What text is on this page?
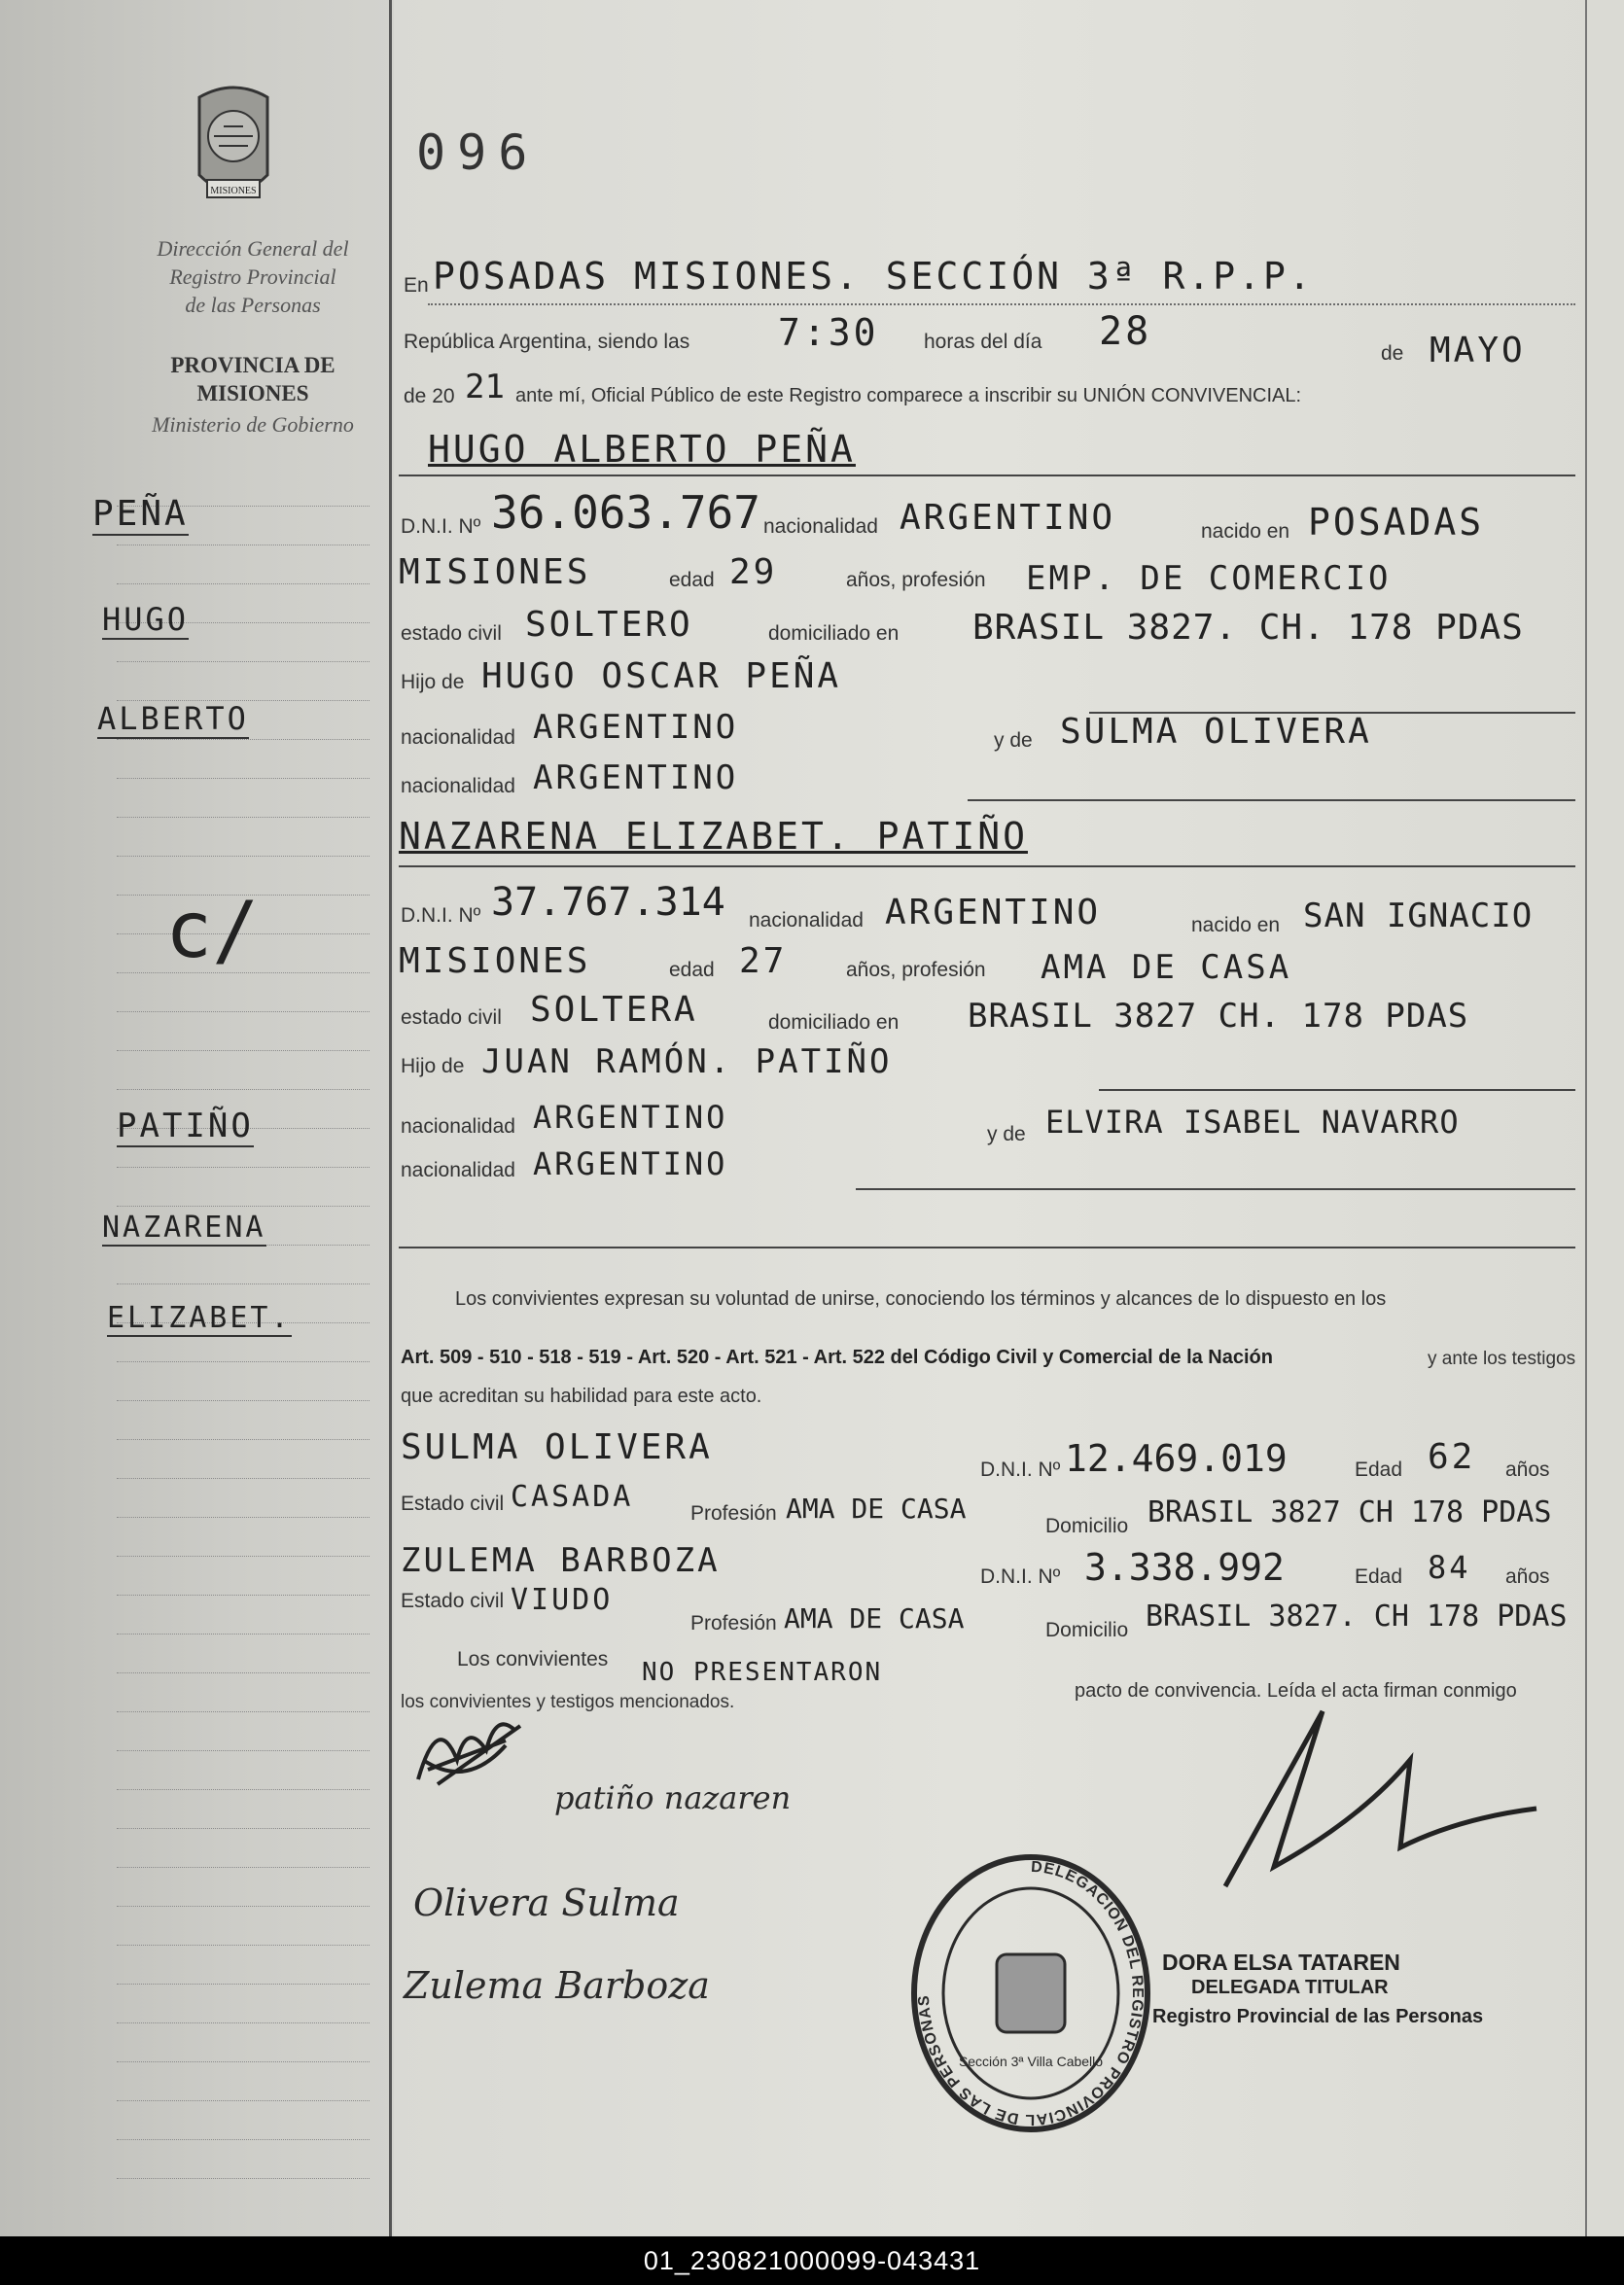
MISIONES
Dirección General del
Registro Provincial
de las Personas
PROVINCIA DE
MISIONES
Ministerio de Gobierno
PEÑA
HUGO
ALBERTO
c/
PATIÑO
NAZARENA
ELIZABET.
096
En POSADAS MISIONES. SECCIÓN 3ª R.P.P.
República Argentina, siendo las 7:30 horas del día 28	de MAYO
de 20 21 ante mí, Oficial Público de este Registro comparece a inscribir su UNIÓN CONVIVENCIAL:
HUGO ALBERTO PEÑA
D.N.I. Nº 36.063.767 nacionalidad ARGENTINO	nacido en POSADAS
MISIONES	edad 29	años, profesión EMP. DE COMERCIO
estado civil SOLTERO	domiciliado en BRASIL 3827. CH. 178 PDAS
Hijo de HUGO OSCAR PEÑA
nacionalidad ARGENTINO	y de SULMA OLIVERA
nacionalidad ARGENTINO
NAZARENA ELIZABET. PATIÑO
D.N.I. Nº 37.767.314 nacionalidad ARGENTINO	nacido en SAN IGNACIO
MISIONES	edad 27	años, profesión AMA DE CASA
estado civil SOLTERA	domiciliado en BRASIL 3827 CH. 178 PDAS
Hijo de JUAN RAMÓN. PATIÑO
nacionalidad ARGENTINO	y de ELVIRA ISABEL NAVARRO
nacionalidad ARGENTINO
Los convivientes expresan su voluntad de unirse, conociendo los términos y alcances de lo dispuesto en los
Art. 509 - 510 - 518 - 519 - Art. 520 - Art. 521 - Art. 522 del Código Civil y Comercial de la Nación	y ante los testigos
que acreditan su habilidad para este acto.
SULMA OLIVERA
D.N.I. Nº 12.469.019	Edad 62 años
Estado civil CASADA	Profesión AMA DE CASA
Domicilio BRASIL 3827 CH 178 PDAS
ZULEMA BARBOZA	D.N.I. Nº 3.338.992	Edad 84 años
Estado civil VIUDO
Profesión AMA DE CASA	Domicilio BRASIL 3827. CH 178 PDAS
Los convivientes NO PRESENTARON
pacto de convivencia. Leída el acta firman conmigo
los convivientes y testigos mencionados.
patiño nazaren
Olivera Sulma
Zulema Barboza
DELEGACIÓN DEL REGISTRO PROVINCIAL DE LAS PERSONAS
Sección 3ª Villa Cabello
DORA ELSA TATAREN
DELEGADA TITULAR
Registro Provincial de las Personas
01_230821000099-043431
